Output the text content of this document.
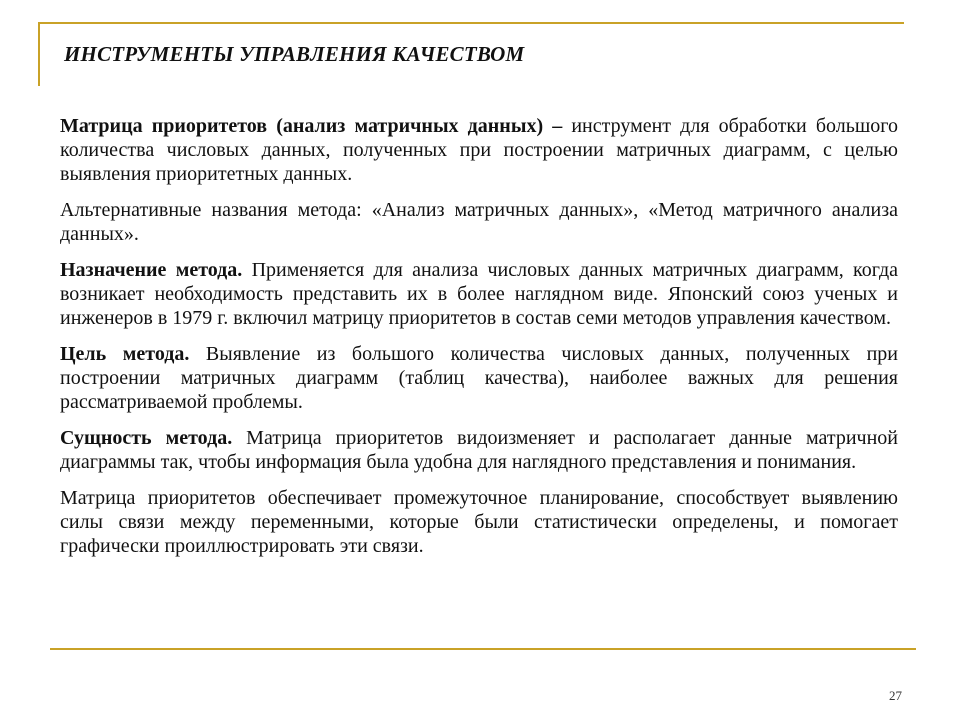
ИНСТРУМЕНТЫ УПРАВЛЕНИЯ КАЧЕСТВОМ

Матрица приоритетов (анализ матричных данных) – инструмент для обработки большого количества числовых данных, полученных при построении матричных диаграмм, с целью выявления приоритетных данных.

Альтернативные названия метода: «Анализ матричных данных», «Метод матричного анализа данных».

Назначение метода. Применяется для анализа числовых данных матричных диаграмм, когда возникает необходимость представить их в более наглядном виде. Японский союз ученых и инженеров в 1979 г. включил матрицу приоритетов в состав семи методов управления качеством.

Цель метода. Выявление из большого количества числовых данных, полученных при построении матричных диаграмм (таблиц качества), наиболее важных для решения рассматриваемой проблемы.

Сущность метода. Матрица приоритетов видоизменяет и располагает данные матричной диаграммы так, чтобы информация была удобна для наглядного представления и понимания.

Матрица приоритетов обеспечивает промежуточное планирование, способствует выявлению силы связи между переменными, которые были статистически определены, и помогает графически проиллюстрировать эти связи.

27
